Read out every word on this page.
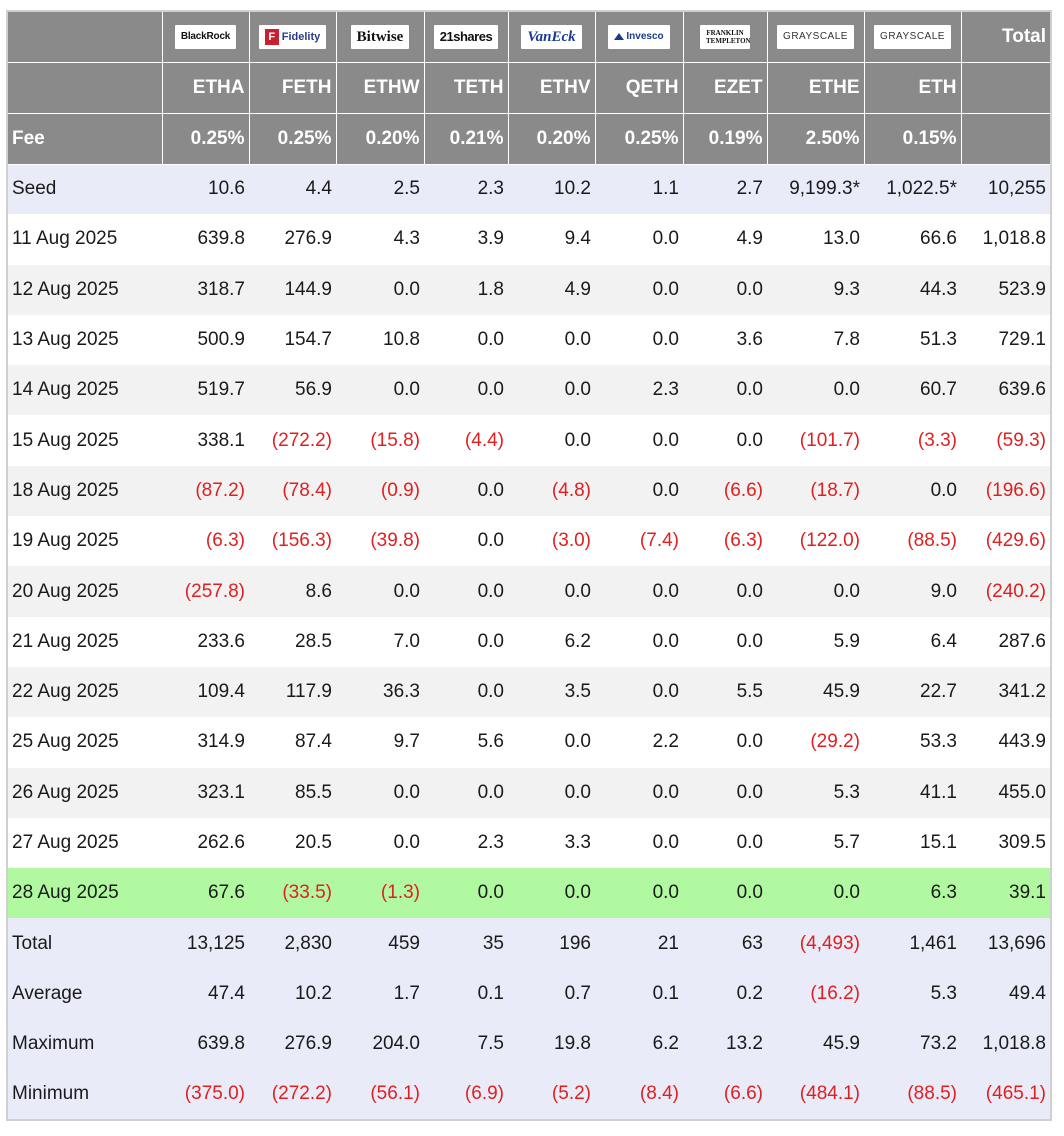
	BlackRock	F Fidelity	Bitwise	21shares	VanEck	Invesco	FRANKLIN TEMPLETON	GRAYSCALE	GRAYSCALE	Total
	ETHA	FETH	ETHW	TETH	ETHV	QETH	EZET	ETHE	ETH	
Fee	0.25%	0.25%	0.20%	0.21%	0.20%	0.25%	0.19%	2.50%	0.15%	
Seed	10.6	4.4	2.5	2.3	10.2	1.1	2.7	9,199.3*	1,022.5*	10,255
11 Aug 2025	639.8	276.9	4.3	3.9	9.4	0.0	4.9	13.0	66.6	1,018.8
12 Aug 2025	318.7	144.9	0.0	1.8	4.9	0.0	0.0	9.3	44.3	523.9
13 Aug 2025	500.9	154.7	10.8	0.0	0.0	0.0	3.6	7.8	51.3	729.1
14 Aug 2025	519.7	56.9	0.0	0.0	0.0	2.3	0.0	0.0	60.7	639.6
15 Aug 2025	338.1	(272.2)	(15.8)	(4.4)	0.0	0.0	0.0	(101.7)	(3.3)	(59.3)
18 Aug 2025	(87.2)	(78.4)	(0.9)	0.0	(4.8)	0.0	(6.6)	(18.7)	0.0	(196.6)
19 Aug 2025	(6.3)	(156.3)	(39.8)	0.0	(3.0)	(7.4)	(6.3)	(122.0)	(88.5)	(429.6)
20 Aug 2025	(257.8)	8.6	0.0	0.0	0.0	0.0	0.0	0.0	9.0	(240.2)
21 Aug 2025	233.6	28.5	7.0	0.0	6.2	0.0	0.0	5.9	6.4	287.6
22 Aug 2025	109.4	117.9	36.3	0.0	3.5	0.0	5.5	45.9	22.7	341.2
25 Aug 2025	314.9	87.4	9.7	5.6	0.0	2.2	0.0	(29.2)	53.3	443.9
26 Aug 2025	323.1	85.5	0.0	0.0	0.0	0.0	0.0	5.3	41.1	455.0
27 Aug 2025	262.6	20.5	0.0	2.3	3.3	0.0	0.0	5.7	15.1	309.5
28 Aug 2025	67.6	(33.5)	(1.3)	0.0	0.0	0.0	0.0	0.0	6.3	39.1
Total	13,125	2,830	459	35	196	21	63	(4,493)	1,461	13,696
Average	47.4	10.2	1.7	0.1	0.7	0.1	0.2	(16.2)	5.3	49.4
Maximum	639.8	276.9	204.0	7.5	19.8	6.2	13.2	45.9	73.2	1,018.8
Minimum	(375.0)	(272.2)	(56.1)	(6.9)	(5.2)	(8.4)	(6.6)	(484.1)	(88.5)	(465.1)
